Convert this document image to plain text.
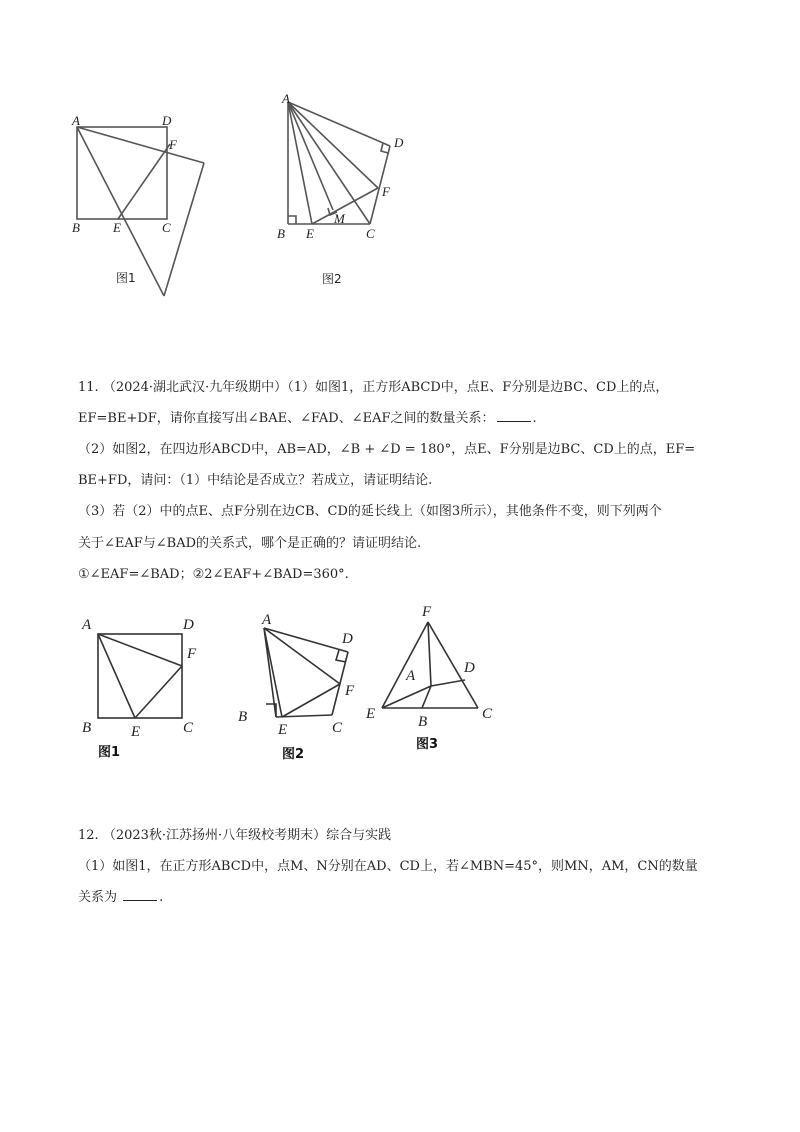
A	D
F
B	E	C
图1
A
D
F
M
B E	C
图2
11. （2024·湖北武汉·九年级期中）（1）如图1，正方形ABCD中，点E、F分别是边BC、CD上的点，
EF=BE+DF，请你直接写出∠BAE、∠FAD、∠EAF之间的数量关系：	.
（2）如图2，在四边形ABCD中，AB=AD，∠B + ∠D = 180°，点E、F分别是边BC、CD上的点，EF=
BE+FD，请问：（1）中结论是否成立？若成立，请证明结论.
（3）若（2）中的点E、点F分别在边CB、CD的延长线上（如图3所示），其他条件不变，则下列两个
关于∠EAF与∠BAD的关系式，哪个是正确的？请证明结论.
①∠EAF=∠BAD；②2∠EAF+∠BAD=360°.
A	D
F
B	E	C
图1
A
D
F
B
E	C
图2
F
D
A
E	B	C
图3
12. （2023秋·江苏扬州·八年级校考期末）综合与实践
（1）如图1，在正方形ABCD中，点M、N分别在AD、CD上，若∠MBN=45°，则MN，AM，CN的数量
关系为	.
